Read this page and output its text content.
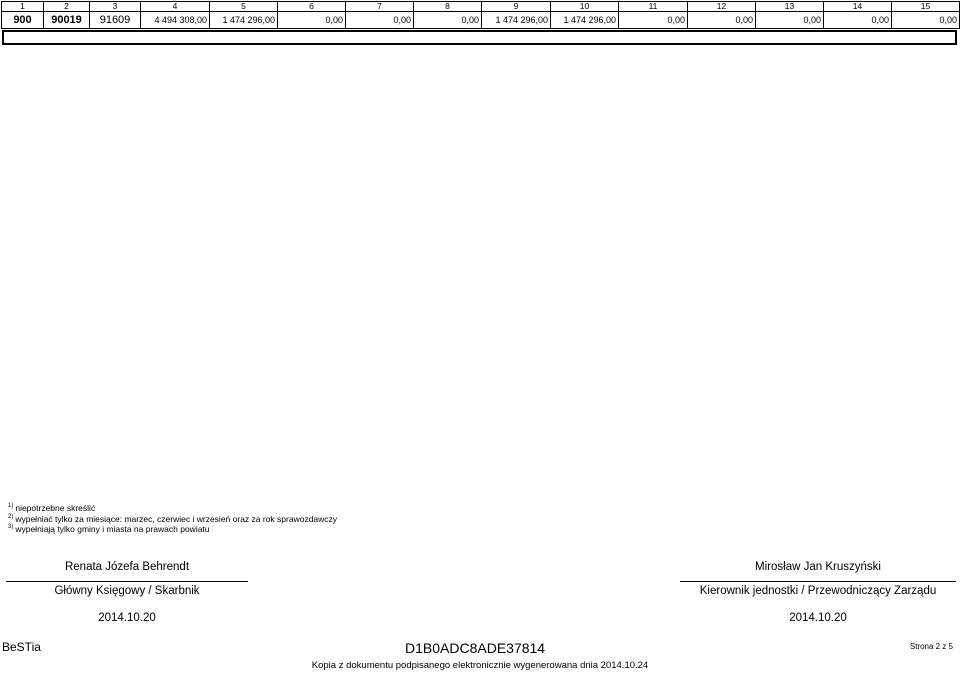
1	2	3	4	5	6	7	8	9	10	11	12	13	14	15
900	90019	91609	4 494 308,00	1 474 296,00	0,00	0,00	0,00	1 474 296,00	1 474 296,00	0,00	0,00	0,00	0,00	0,00
$^{1)}$ niepotrzebne skreślić
$^{2)}$ wypełniać tylko za miesiące: marzec, czerwiec i wrzesień oraz za rok sprawozdawczy
$^{3)}$ wypełniają tylko gminy i miasta na prawach powiatu
Renata Józefa Behrendt
Główny Księgowy / Skarbnik
2014.10.20
Mirosław Jan Kruszyński
Kierownik jednostki / Przewodniczący Zarządu
2014.10.20
BeSTia	D1B0ADC8ADE37814	Strona 2 z 5
Kopia z dokumentu podpisanego elektronicznie wygenerowana dnia 2014.10.24
